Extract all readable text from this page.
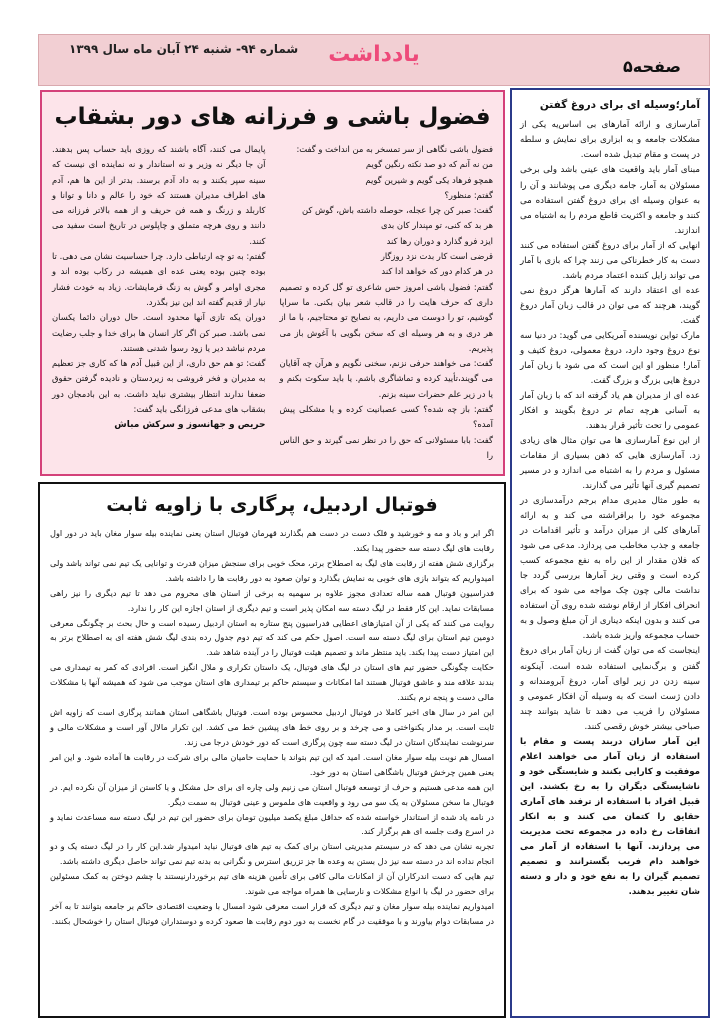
صفحه۵
یادداشت
شماره ۹۴- شنبه ۲۴ آبان ماه سال ۱۳۹۹
آمار؛وسیله ای برای دروغ گفتن
آمارسازی و ارائه آمارهای بی اساس‌یه یکی از مشکلات جامعه و به ابزاری برای نمایش و سلطه در پست و مقام تبدیل شده است.
مبنای آمار باید واقعیت های عینی باشد ولی برخی مسئولان به آمار، جامه دیگری می پوشانند و آن را به عنوان وسیله ای برای دروغ گفتن استفاده می کنند و جامعه و اکثریت قاطع مردم را به اشتباه می اندازند.
انهایی که از آمار برای دروغ گفتن استفاده می کنند دست به کار خطرناکی می زنند چرا که بازی با آمار می تواند زایل کننده اعتماد مردم باشد.
عده ای اعتقاد دارند که آمارها هرگز دروغ نمی گویند، هرچند که می توان در قالب زبان آمار دروغ گفت.
مارک تواین نویسنده آمریکایی می گوید: در دنیا سه نوع دروغ وجود دارد، دروغ معمولی، دروغ کثیف و آمار! منظور او این است که می شود با زبان آمار دروغ هایی بزرگ و بزرگ گفت.
عده ای از مدیران هم یاد گرفته اند که با زبان آمار به آسانی هرچه تمام تر دروغ بگویند و افکار عمومی را تحت تأثیر قرار بدهند.
از این نوع آمارسازی ها می توان مثال های زیادی زد. آمارسازی هایی که ذهن بسیاری از مقامات مسئول و مردم را به اشتباه می اندازد و در مسیر تصمیم گیری آنها تأثیر می گذارند.
به طور مثال مدیری مدام برجم درآمدسازی در مجموعه خود را برافراشته می کند و به ارائه آمارهای کلی از میزان درآمد و تأثیر اقدامات در جامعه و جذب مخاطب می پردازد. مدعی می شود که فلان مقدار از این راه به نفع مجموعه کسب کرده است و وقتی ریز آمارها بررسی گردد جا نداشت مالی چون چک مواجه می شود که برای انحراف افکار از ارقام نوشته شده روی آن استفاده می کنند و بدون اینکه دیناری از آن مبلغ وصول و به حساب مجموعه واریز شده باشد.
اینجاست که می توان گفت از زبان آمار برای دروغ گفتن و برگ‌نمایی استفاده شده است. آینکونه سینه زدن در زیر لوای آمار، دروغ آبرومندانه و دادن ژست است که به وسیله آن افکار عمومی و مسئولان را فریب می دهند تا شاید بتوانند چند صباحی بیشتر خوش رقصی کنند.
این آمار سازان دربند پست و مقام با استفاده از زبان آمار می خواهند اعلام موفقیت و کارایی بکنند و شایستگی خود و ناشایستگی دیگران را به رخ بکشند. این قبیل افراد با استفاده از ترفند های آماری حقایق را کتمان می کنند و به انکار اتفاقات رخ داده در مجموعه تحت مدیریت می پردازند. آنها با استفاده از آمار می خواهند دام فریب بگسترانند و تصمیم تصمیم گیران را به نفع خود و دار و دسته شان تغییر بدهند.
فضول باشی و فرزانه های دور بشقاب
فضول باشی نگاهی از سر تمسخر به من انداخت و گفت:
من نه آنم که دو صد نکته رنگین گویم
همچو فرهاد یکی گویم و شیرین گویم
گفتم: منظور؟
گفت: صبر کن چرا عجله، حوصله داشته باش، گوش کن
هر بد که کنی، تو مپندار کان بدی
ایزد فرو گذارد و دوران رها کند
قرضی است کار بدت نزد روزگار
در هر کدام دور که خواهد ادا کند
گفتم: فضول باشی امروز حس شاعری تو گل کرده و تصمیم داری که حرف هایت را در قالب شعر بیان بکنی. ما سراپا گوشیم، تو را دوست می داریم، به نصایح تو محتاجیم، با ما از هر دری و به هر وسیله ای که سخن بگویی با آغوش باز می پذیریم.
گفت: می خواهند حرفی نزنم، سخنی نگویم و هرآن چه آقایان می گویند،تأیید کرده و تماشاگری باشم. یا باید سکوت بکنم و یا در زیر علم حضرات سینه بزنم.
گفتم: باز چه شده؟ کسی عصبانیت کرده و یا مشکلی پیش آمده؟
گفت: بابا مسئولانی که حق را در نظر نمی گیرند و حق الناس را
پایمال می کنند، آگاه باشند که روزی باید حساب پس بدهند. آن جا دیگر نه وزیر و نه استاندار و نه نماینده ای نیست که سینه سپر بکنند و به داد آدم برسند. بدتر از این ها هم، آدم های اطراف مدیران هستند که خود را عالم و دانا و توانا و کاربلد و زرنگ و همه فن حریف و از همه بالاتر فرزانه می دانند و روی هرچه متملق و چاپلوس در تاریخ است سفید می کنند.
گفتم: به تو چه ارتباطی دارد. چرا حساسیت نشان می دهی. تا بوده چنین بوده یعنی عده ای همیشه در رکاب بوده اند و مجری اوامر و گوش به زنگ فرمایشات. زیاد به خودت فشار نیار از قدیم گفته اند این نیز بگذرد.
دوران یکه تازی آنها محدود است. حال دوران دائما یکسان نمی باشد. صبر کن اگر کار انسان ها برای خدا و جلب رضایت مردم نباشد دیر یا زود رسوا شدنی هستند.
گفت: تو هم حق داری، از این قبیل آدم ها که کاری جز تعظیم به مدیران و فخر فروشی به زیردستان و نادیده گرفتن حقوق ضعفا ندارند انتظار بیشتری نباید داشت. به این بادمجان دور بشقاب های مدعی فرزانگی باید گفت:
حریص و جهانسوز و سرکش مباش
فوتبال اردبیل، پرگاری با زاویه ثابت
اگر ابر و باد و مه و خورشید و فلک دست در دست هم بگذارند قهرمان فوتبال استان یعنی نماینده بیله سوار مغان باید در دور اول رقابت های لیگ دسته سه حضور پیدا بکند.
برگزاری شش هفته از رقابت های لیگ به اصطلاح برتر، محک خوبی برای سنجش میزان قدرت و توانایی یک تیم نمی تواند باشد ولی امیدواریم که بتواند بازی های خوبی به نمایش بگذارد و توان صعود به دور رقابت ها را داشته باشد.
فدراسیون فوتبال همه ساله تعدادی مجوز علاوه بر سهمیه به برخی از استان های محروم می دهد تا تیم دیگری را نیز راهی مسابقات نماید. این کار فقط در لیگ دسته سه امکان پذیر است و تیم دیگری از استان اجازه این کار را ندارد.
روایت می کنند که یکی از آن امتیازهای اعطایی فدراسیون پنج ستاره به استان اردبیل رسیده است و حال بحث بر چگونگی معرفی دومین تیم استان برای لیگ دسته سه است. اصول حکم می کند که تیم دوم جدول رده بندی لیگ شش هفته ای به اصطلاح برتر به این امتیاز دست پیدا بکند. باید منتظر ماند و تصمیم هیئت فوتبال را در آینده شاهد شد.
حکایت چگونگی حضور تیم های استان در لیگ های فوتبال، یک داستان تکراری و ملال انگیز است. افرادی که کمر به تیمداری می بندند علاقه مند و عاشق فوتبال هستند اما امکانات و سیستم حاکم بر تیمداری های استان موجب می شود که همیشه آنها با مشکلات مالی دست و پنجه نرم بکنند.
این امر در سال های اخیر کاملا در فوتبال اردبیل محسوس بوده است. فوتبال باشگاهی استان همانند پرگاری است که زاویه اش ثابت است. بر مدار یکنواختی و می چرخد و بر روی خط های پیشین خط می کشد. این تکرار مالال آور است و مشکلات مالی و سرنوشت نمایندگان استان در لیگ دسته سه چون پرگاری است که دور خودش درجا می زند.
امسال هم نوبت بیله سوار مغان است. امید که این تیم بتواند با حمایت حامیان مالی برای شرکت در رقابت ها آماده شود. و این امر یعنی همین چرخش فوتبال باشگاهی استان به دور خود.
این همه مدعی هستیم و حرف از توسعه فوتبال استان می زنیم ولی چاره ای برای حل مشکل و یا کاستن از میزان آن نکرده ایم. در فوتبال ما سخن مسئولان به یک سو می رود و واقعیت های ملموس و عینی فوتبال به سمت دیگر.
در نامه یاد شده از استاندار خواسته شده که حداقل مبلغ یکصد میلیون تومان برای حضور این تیم در لیگ دسته سه مساعدت نماید و در اسرع وقت جلسه ای هم برگزار کند.
تجربه نشان می دهد که در سیستم مدیریتی استان برای کمک به تیم های فوتبال نباید امیدوار شد.این کار را در لیگ دسته یک و دو انجام نداده اند در دسته سه نیز دل بستن به وعده ها جز تزریق استرس و نگرانی به بدنه تیم نمی تواند حاصل دیگری داشته باشد.
تیم هایی که دست اندرکاران آن از امکانات مالی کافی برای تأمین هزینه های تیم برخوردارنیستند با چشم دوختن به کمک مسئولین برای حضور در لیگ با انواع مشکلات و نارسایی ها همراه مواجه می شوند.
امیدواریم نماینده بیله سوار مغان و تیم دیگری که قرار است معرفی شود امسال با وضعیت اقتصادی حاکم بر جامعه بتوانند تا به آخر در مسابقات دوام بیاورند و با موفقیت در گام نخست به دور دوم رقابت ها صعود کرده و دوستداران فوتبال استان را خوشحال بکنند.
